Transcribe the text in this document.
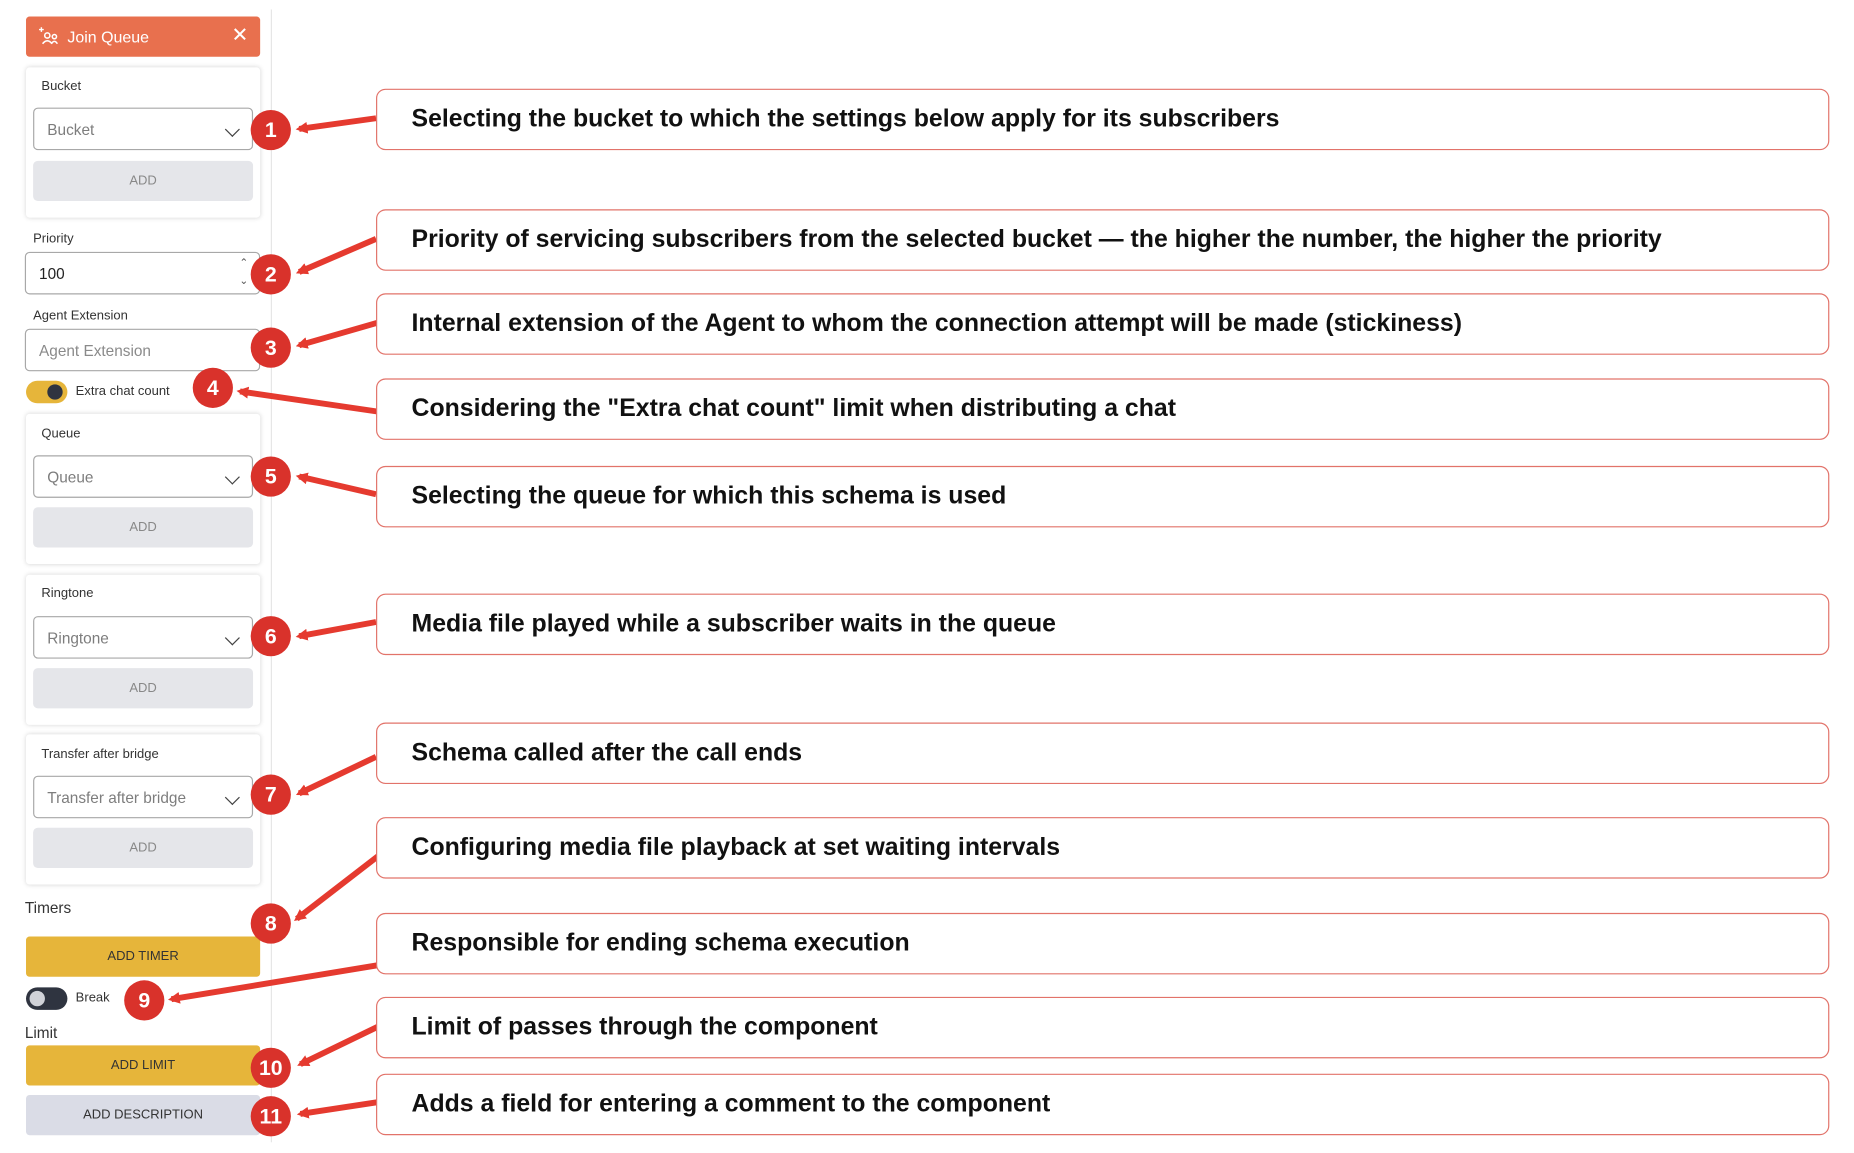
Join Queue	✕
Bucket
Bucket
ADD
Priority
100
⌃
⌄
Agent Extension
Agent Extension
Extra chat count
Queue
Queue
ADD
Ringtone
Ringtone
ADD
Transfer after bridge
Transfer after bridge
ADD
Timers
ADD TIMER
Break
Limit
ADD LIMIT
ADD DESCRIPTION
1
2
3
4
5
6
7
8
9
10
11
Selecting the bucket to which the settings below apply for its subscribers
Priority of servicing subscribers from the selected bucket — the higher the number, the higher the priority
Internal extension of the Agent to whom the connection attempt will be made (stickiness)
Considering the "Extra chat count" limit when distributing a chat
Selecting the queue for which this schema is used
Media file played while a subscriber waits in the queue
Schema called after the call ends
Configuring media file playback at set waiting intervals
Responsible for ending schema execution
Limit of passes through the component
Adds a field for entering a comment to the component
